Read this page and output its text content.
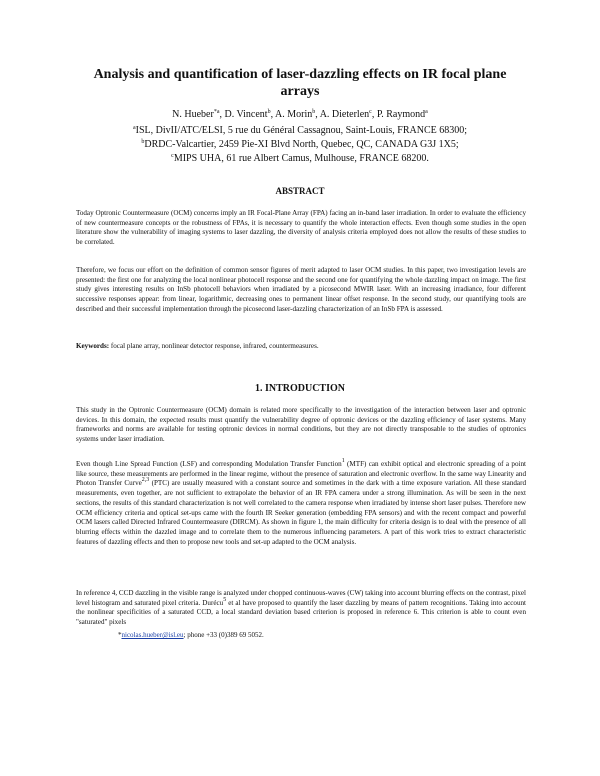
Analysis and quantification of laser-dazzling effects on IR focal plane
arrays
N. Hueber$^{*a}$, D. Vincent$^b$, A. Morin$^b$, A. Dieterlen$^c$, P. Raymond$^a$
$^a$ISL, DivII/ATC/ELSI, 5 rue du Général Cassagnou, Saint-Louis, FRANCE 68300;
$^b$DRDC-Valcartier, 2459 Pie-XI Blvd North, Quebec, QC, CANADA G3J 1X5;
$^c$MIPS UHA, 61 rue Albert Camus, Mulhouse, FRANCE 68200.
ABSTRACT

Today Optronic Countermeasure (OCM) concerns imply an IR Focal-Plane Array (FPA) facing an in-band laser irradiation. In order to evaluate the efficiency of new countermeasure concepts or the robustness of FPAs, it is necessary to quantify the whole interaction effects. Even though some studies in the open literature show the vulnerability of imaging systems to laser dazzling, the diversity of analysis criteria employed does not allow the results of these studies to be correlated.

Therefore, we focus our effort on the definition of common sensor figures of merit adapted to laser OCM studies. In this paper, two investigation levels are presented: the first one for analyzing the local nonlinear photocell response and the second one for quantifying the whole dazzling impact on image. The first study gives interesting results on InSb photocell behaviors when irradiated by a picosecond MWIR laser. With an increasing irradiance, four different successive responses appear: from linear, logarithmic, decreasing ones to permanent linear offset response. In the second study, our quantifying tools are described and their successful implementation through the picosecond laser-dazzling characterization of an InSb FPA is assessed.

Keywords: focal plane array, nonlinear detector response, infrared, countermeasures.

1. INTRODUCTION

This study in the Optronic Countermeasure (OCM) domain is related more specifically to the investigation of the interaction between laser and optronic devices. In this domain, the expected results must quantify the vulnerability degree of optronic devices or the dazzling efficiency of laser systems. Many frameworks and norms are available for testing optronic devices in normal conditions, but they are not directly transposable to the studies of optronics systems under laser irradiation.

Even though Line Spread Function (LSF) and corresponding Modulation Transfer Function$^1$ (MTF) can exhibit optical and electronic spreading of a point like source, these measurements are performed in the linear regime, without the presence of saturation and electronic overflow. In the same way Linearity and Photon Transfer Curve$^{2,3}$ (PTC) are usually measured with a constant source and sometimes in the dark with a time exposure variation. All these standard measurements, even together, are not sufficient to extrapolate the behavior of an IR FPA camera under a strong illumination. As will be seen in the next sections, the results of this standard characterization is not well correlated to the camera response when irradiated by intense short laser pulses. Therefore new OCM efficiency criteria and optical set-ups came with the fourth IR Seeker generation (embedding FPA sensors) and with the recent compact and powerful OCM lasers called Directed Infrared Countermeasure (DIRCM). As shown in figure 1, the main difficulty for criteria design is to deal with the presence of all blurring effects within the dazzled image and to correlate them to the numerous influencing parameters. A part of this work tries to extract characteristic features of dazzling effects and then to propose new tools and set-up adapted to the OCM analysis.

In reference 4, CCD dazzling in the visible range is analyzed under chopped continuous-waves (CW) taking into account blurring effects on the contrast, pixel level histogram and saturated pixel criteria. Durécu$^5$ et al have proposed to quantify the laser dazzling by means of pattern recognitions. Taking into account the nonlinear specificities of a saturated CCD, a local standard deviation based criterion is proposed in reference 6. This criterion is able to count even "saturated" pixels

*nicolas.hueber@isl.eu; phone +33 (0)389 69 5052.
